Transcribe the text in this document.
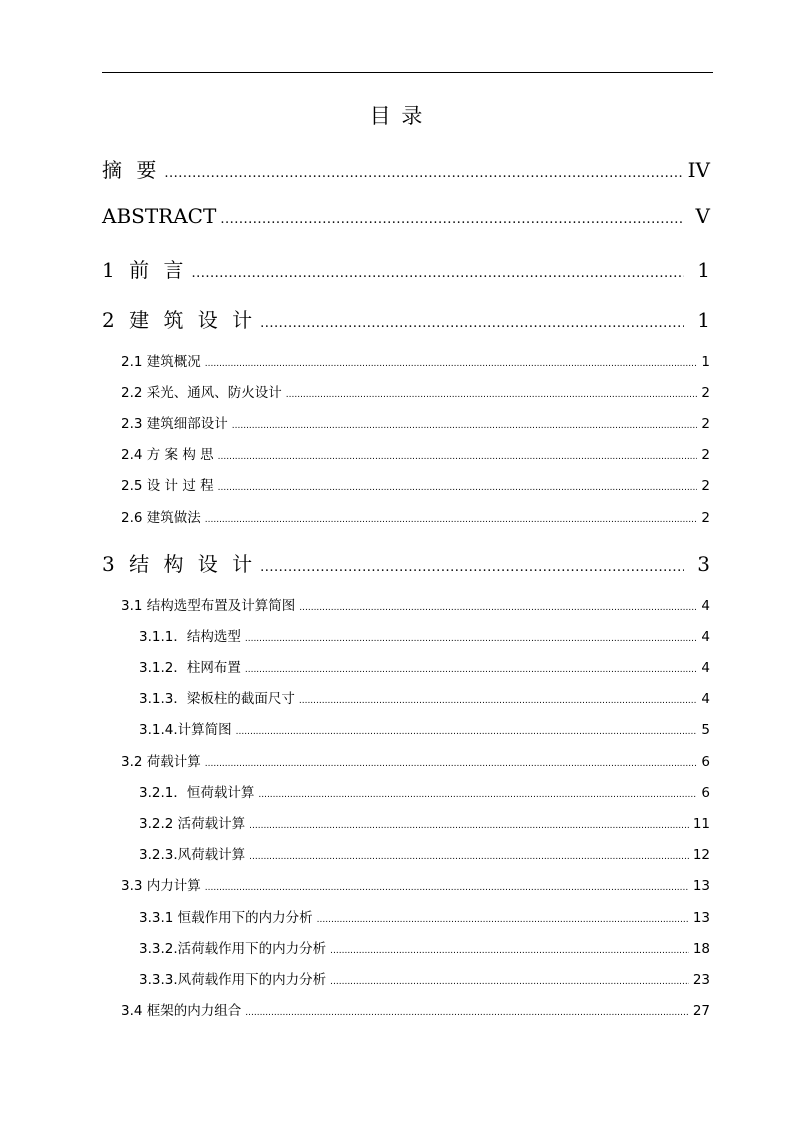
目 录
摘 要 .....	IV
ABSTRACT .....	V
1 前 言 .....	1
2 建 筑 设 计 .....	1
2.1 建筑概况 .....	1
2.2 采光、通风、防火设计 .....	2
2.3 建筑细部设计 .....	2
2.4 方 案 构 思 .....	2
2.5 设 计 过 程 .....	2
2.6 建筑做法 .....	2
3 结 构 设 计 .....	3
3.1 结构选型布置及计算简图 .....	4
3.1.1．结构选型 .....	4
3.1.2．柱网布置 .....	4
3.1.3．梁板柱的截面尺寸 .....	4
3.1.4.计算简图 .....	5
3.2 荷载计算 .....	6
3.2.1．恒荷载计算 .....	6
3.2.2 活荷载计算 .....	11
3.2.3.风荷载计算 .....	12
3.3 内力计算 .....	13
3.3.1 恒载作用下的内力分析 .....	13
3.3.2.活荷载作用下的内力分析 .....	18
3.3.3.风荷载作用下的内力分析 .....	23
3.4 框架的内力组合 .....	27
